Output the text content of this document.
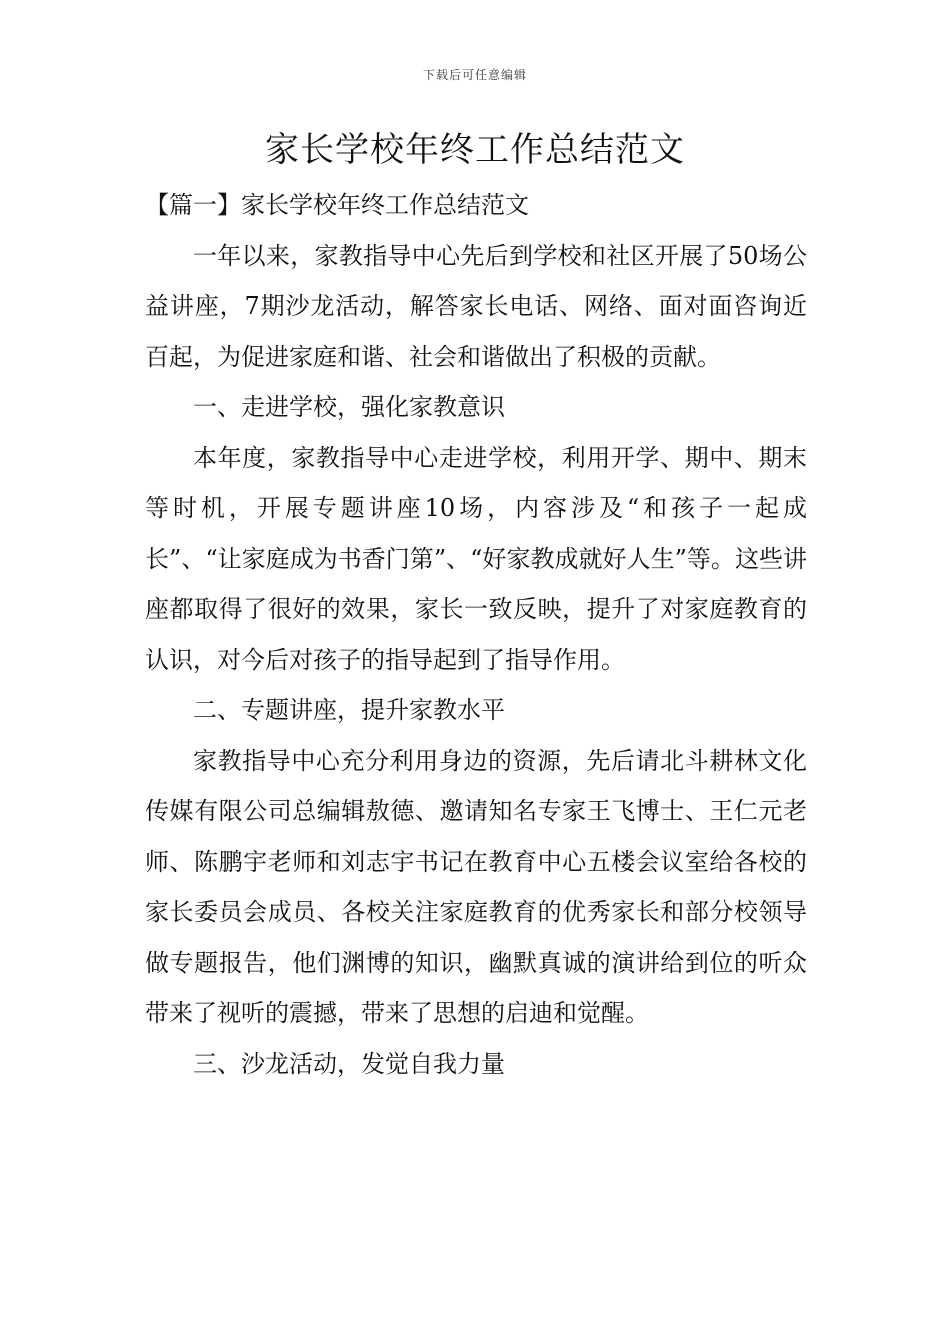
下载后可任意编辑
家长学校年终工作总结范文

【篇一】家长学校年终工作总结范文

一年以来，家教指导中心先后到学校和社区开展了50场公益讲座，7期沙龙活动，解答家长电话、网络、面对面咨询近百起，为促进家庭和谐、社会和谐做出了积极的贡献。

一、走进学校，强化家教意识

本年度，家教指导中心走进学校，利用开学、期中、期末等时机，开展专题讲座10场，内容涉及“和孩子一起成长”、“让家庭成为书香门第”、“好家教成就好人生”等。这些讲座都取得了很好的效果，家长一致反映，提升了对家庭教育的认识，对今后对孩子的指导起到了指导作用。

二、专题讲座，提升家教水平

家教指导中心充分利用身边的资源，先后请北斗耕林文化传媒有限公司总编辑敖德、邀请知名专家王飞博士、王仁元老师、陈鹏宇老师和刘志宇书记在教育中心五楼会议室给各校的家长委员会成员、各校关注家庭教育的优秀家长和部分校领导做专题报告，他们渊博的知识，幽默真诚的演讲给到位的听众带来了视听的震撼，带来了思想的启迪和觉醒。

三、沙龙活动，发觉自我力量
